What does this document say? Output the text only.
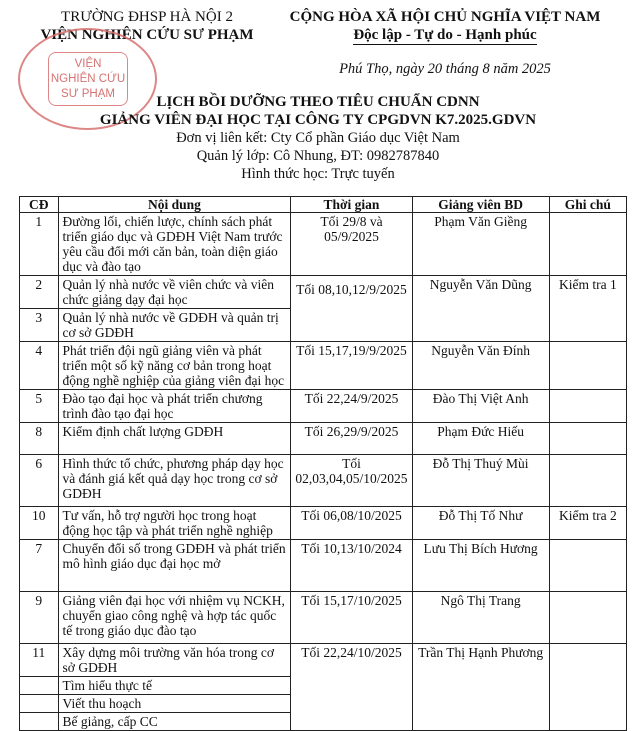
TRƯỜNG ĐHSP HÀ NỘI 2
VIỆN NGHIÊN CỨU SƯ PHẠM
VIỆN
NGHIÊN CỨU
SƯ PHẠM
CỘNG HÒA XÃ HỘI CHỦ NGHĨA VIỆT NAM
Độc lập - Tự do - Hạnh phúc
Phú Thọ, ngày 20 tháng 8 năm 2025
LỊCH BỒI DƯỠNG THEO TIÊU CHUẨN CDNN
GIẢNG VIÊN ĐẠI HỌC TẠI CÔNG TY CPGDVN K7.2025.GDVN
Đơn vị liên kết: Cty Cổ phần Giáo dục Việt Nam
Quản lý lớp: Cô Nhung, ĐT: 0982787840
Hình thức học: Trực tuyến
CĐ	Nội dung	Thời gian	Giảng viên BD	Ghi chú
1	Đường lối, chiến lược, chính sách phát triển giáo dục và GDĐH Việt Nam trước yêu cầu đổi mới căn bản, toàn diện giáo dục và đào tạo	Tối 29/8 và 05/9/2025	Phạm Văn Giềng	
2	Quản lý nhà nước về viên chức và viên chức giảng dạy đại học	Tối 08,10,12/9/2025	Nguyễn Văn Dũng	Kiểm tra 1
3	Quản lý nhà nước về GDĐH và quản trị cơ sở GDĐH			
4	Phát triển đội ngũ giảng viên và phát triển một số kỹ năng cơ bản trong hoạt động nghề nghiệp của giảng viên đại học	Tối 15,17,19/9/2025	Nguyễn Văn Đính	
5	Đào tạo đại học và phát triển chương trình đào tạo đại học	Tối 22,24/9/2025	Đào Thị Việt Anh	
8	Kiểm định chất lượng GDĐH	Tối 26,29/9/2025	Phạm Đức Hiếu	
6	Hình thức tổ chức, phương pháp dạy học và đánh giá kết quả dạy học trong cơ sở GDĐH	Tối 02,03,04,05/10/2025	Đỗ Thị Thuý Mùi	
10	Tư vấn, hỗ trợ người học trong hoạt động học tập và phát triển nghề nghiệp	Tối 06,08/10/2025	Đỗ Thị Tố Như	Kiểm tra 2
7	Chuyển đổi số trong GDĐH và phát triển mô hình giáo dục đại học mở	Tối 10,13/10/2024	Lưu Thị Bích Hương	
9	Giảng viên đại học với nhiệm vụ NCKH, chuyển giao công nghệ và hợp tác quốc tế trong giáo dục đào tạo	Tối 15,17/10/2025	Ngô Thị Trang	
11	Xây dựng môi trường văn hóa trong cơ sở GDĐH	Tối 22,24/10/2025	Trần Thị Hạnh Phương	
	Tìm hiểu thực tế			
	Viết thu hoạch			
	Bế giảng, cấp CC			
